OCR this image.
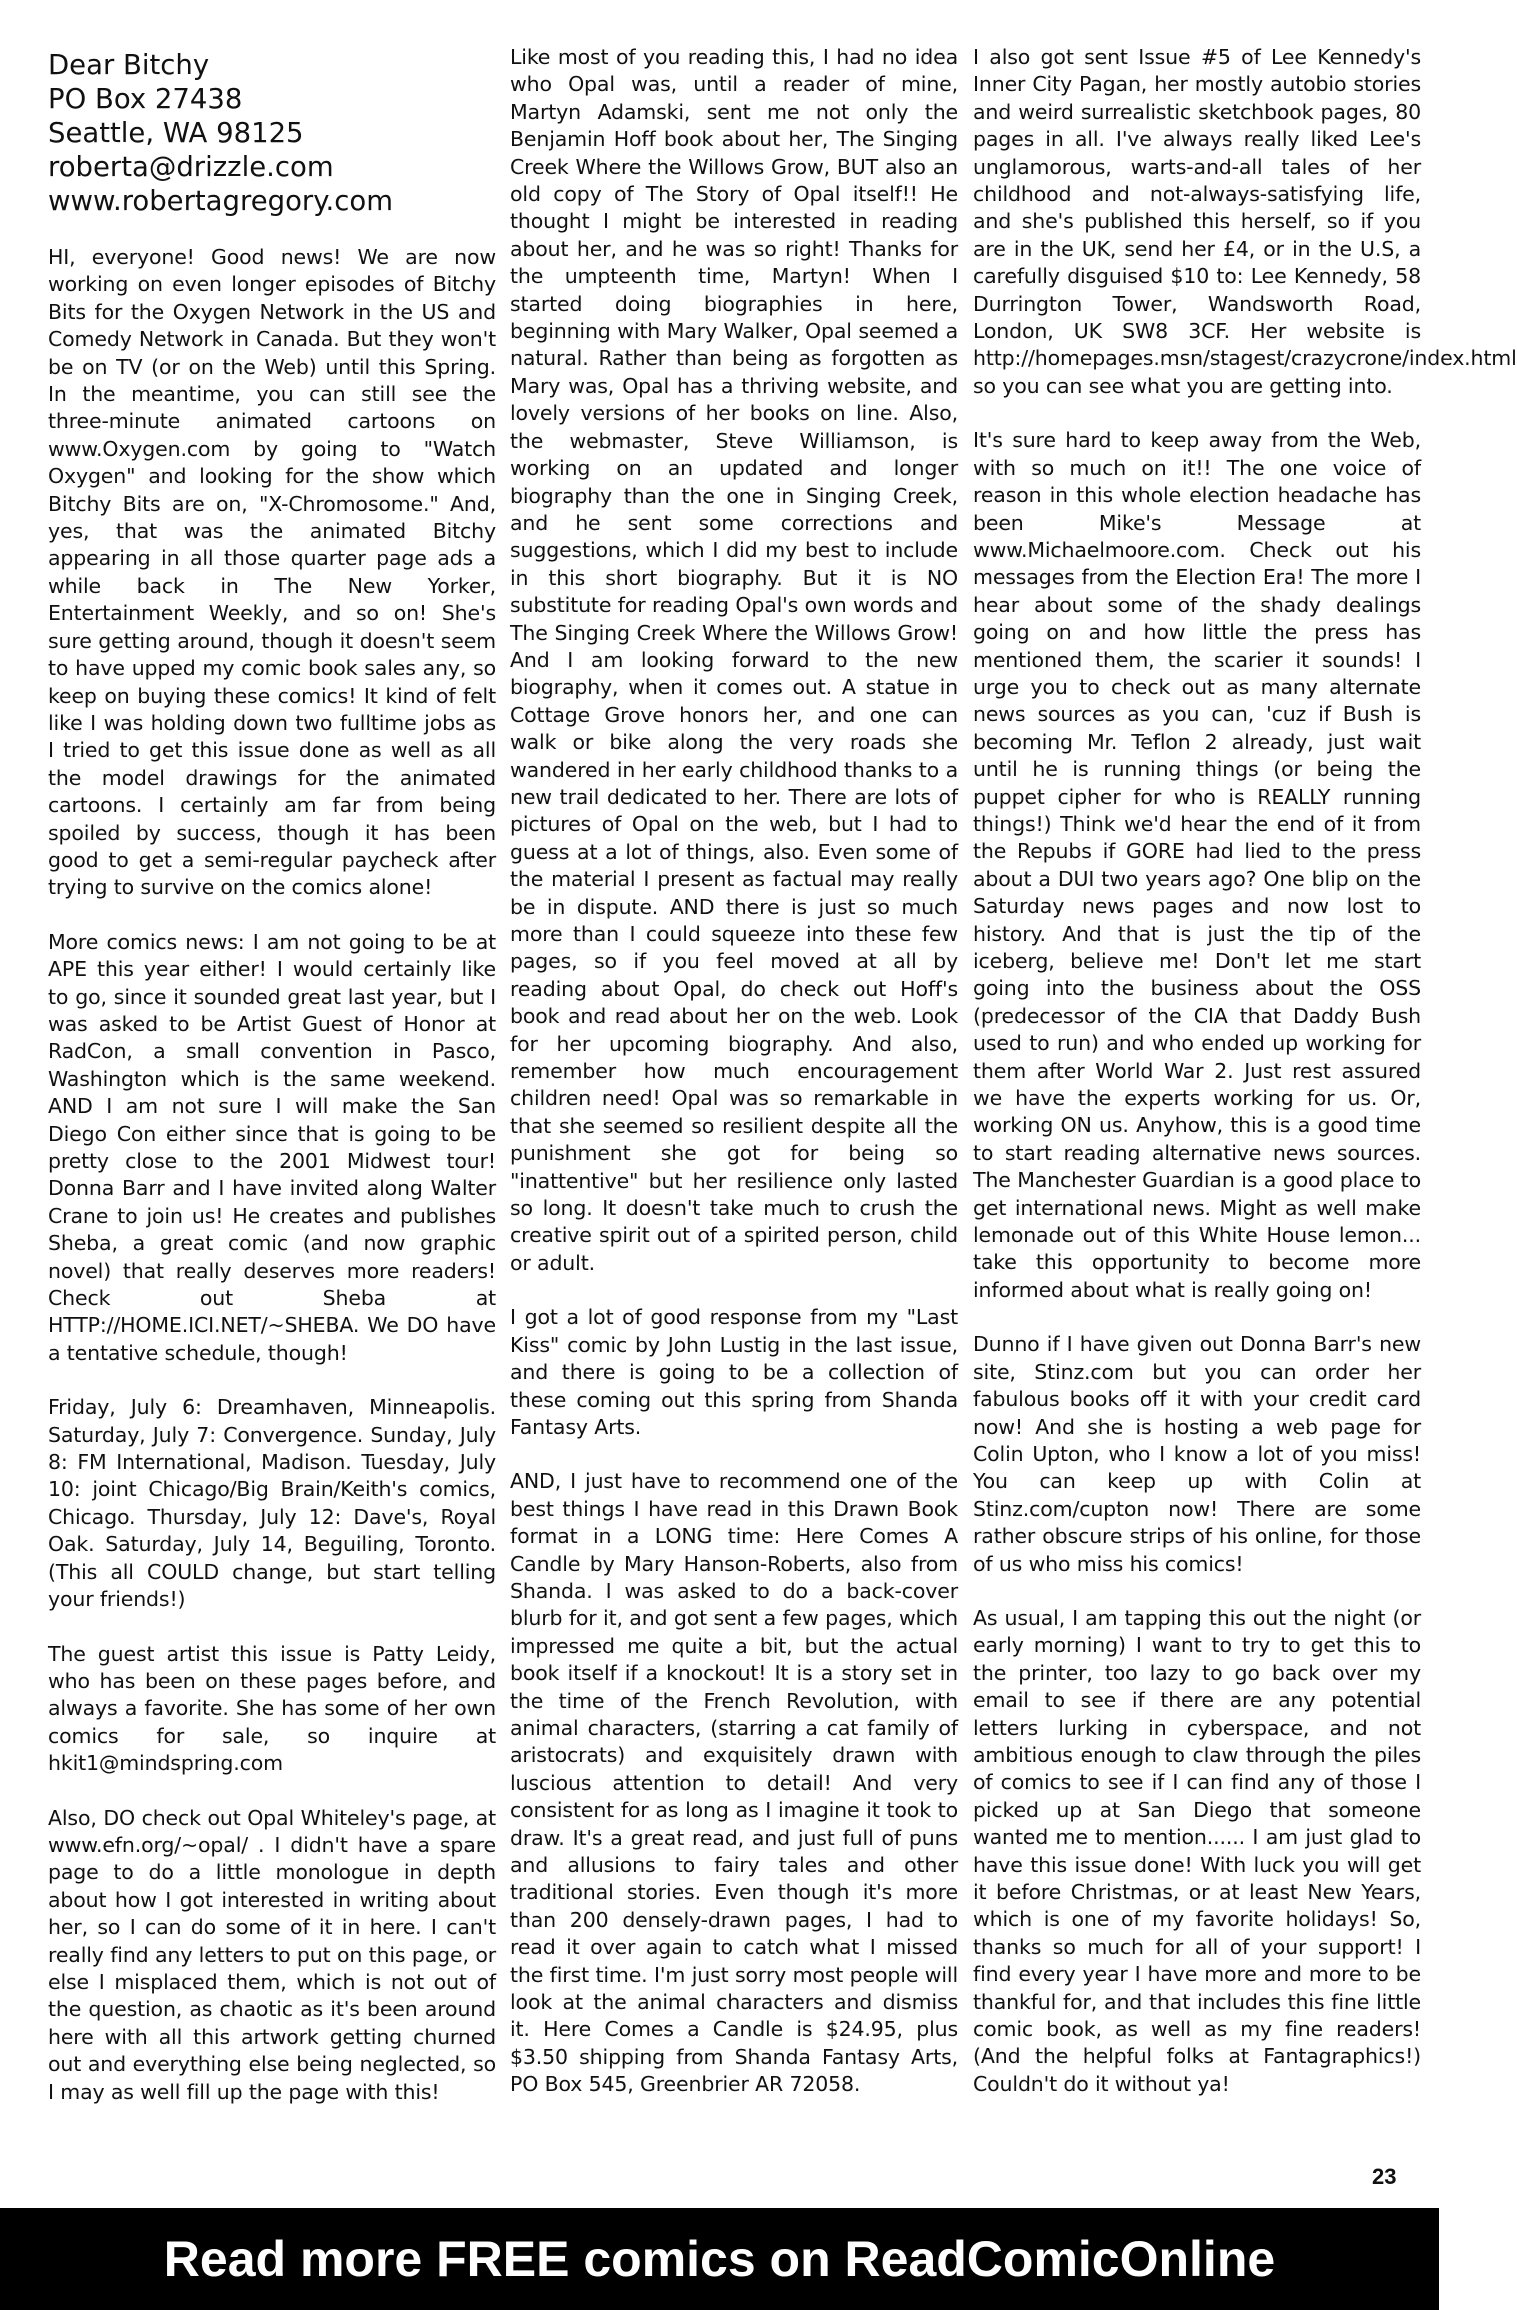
Dear Bitchy
PO Box 27438
Seattle, WA 98125
roberta@drizzle.com
www.robertagregory.com

HI, everyone! Good news! We are now working on even longer episodes of Bitchy Bits for the Oxygen Network in the US and Comedy Network in Canada. But they won't be on TV (or on the Web) until this Spring. In the meantime, you can still see the three-minute animated cartoons on www.Oxygen.com by going to "Watch Oxygen" and looking for the show which Bitchy Bits are on, "X-Chromosome." And, yes, that was the animated Bitchy appearing in all those quarter page ads a while back in The New Yorker, Entertainment Weekly, and so on! She's sure getting around, though it doesn't seem to have upped my comic book sales any, so keep on buying these comics! It kind of felt like I was holding down two fulltime jobs as I tried to get this issue done as well as all the model drawings for the animated cartoons. I certainly am far from being spoiled by success, though it has been good to get a semi-regular paycheck after trying to survive on the comics alone!

More comics news: I am not going to be at APE this year either! I would certainly like to go, since it sounded great last year, but I was asked to be Artist Guest of Honor at RadCon, a small convention in Pasco, Washington which is the same weekend. AND I am not sure I will make the San Diego Con either since that is going to be pretty close to the 2001 Midwest tour! Donna Barr and I have invited along Walter Crane to join us! He creates and publishes Sheba, a great comic (and now graphic novel) that really deserves more readers! Check out Sheba at HTTP://HOME.ICI.NET/~SHEBA. We DO have a tentative schedule, though!

Friday, July 6: Dreamhaven, Minneapolis. Saturday, July 7: Convergence. Sunday, July 8: FM International, Madison. Tuesday, July 10: joint Chicago/Big Brain/Keith's comics, Chicago. Thursday, July 12: Dave's, Royal Oak. Saturday, July 14, Beguiling, Toronto. (This all COULD change, but start telling your friends!)

The guest artist this issue is Patty Leidy, who has been on these pages before, and always a favorite. She has some of her own comics for sale, so inquire at hkit1@mindspring.com

Also, DO check out Opal Whiteley's page, at www.efn.org/~opal/ . I didn't have a spare page to do a little monologue in depth about how I got interested in writing about her, so I can do some of it in here. I can't really find any letters to put on this page, or else I misplaced them, which is not out of the question, as chaotic as it's been around here with all this artwork getting churned out and everything else being neglected, so I may as well fill up the page with this!

Like most of you reading this, I had no idea who Opal was, until a reader of mine, Martyn Adamski, sent me not only the Benjamin Hoff book about her, The Singing Creek Where the Willows Grow, BUT also an old copy of The Story of Opal itself!! He thought I might be interested in reading about her, and he was so right! Thanks for the umpteenth time, Martyn! When I started doing biographies in here, beginning with Mary Walker, Opal seemed a natural. Rather than being as forgotten as Mary was, Opal has a thriving website, and lovely versions of her books on line. Also, the webmaster, Steve Williamson, is working on an updated and longer biography than the one in Singing Creek, and he sent some corrections and suggestions, which I did my best to include in this short biography. But it is NO substitute for reading Opal's own words and The Singing Creek Where the Willows Grow! And I am looking forward to the new biography, when it comes out. A statue in Cottage Grove honors her, and one can walk or bike along the very roads she wandered in her early childhood thanks to a new trail dedicated to her. There are lots of pictures of Opal on the web, but I had to guess at a lot of things, also. Even some of the material I present as factual may really be in dispute. AND there is just so much more than I could squeeze into these few pages, so if you feel moved at all by reading about Opal, do check out Hoff's book and read about her on the web. Look for her upcoming biography. And also, remember how much encouragement children need! Opal was so remarkable in that she seemed so resilient despite all the punishment she got for being so "inattentive" but her resilience only lasted so long. It doesn't take much to crush the creative spirit out of a spirited person, child or adult.

I got a lot of good response from my "Last Kiss" comic by John Lustig in the last issue, and there is going to be a collection of these coming out this spring from Shanda Fantasy Arts.

AND, I just have to recommend one of the best things I have read in this Drawn Book format in a LONG time: Here Comes A Candle by Mary Hanson-Roberts, also from Shanda. I was asked to do a back-cover blurb for it, and got sent a few pages, which impressed me quite a bit, but the actual book itself if a knockout! It is a story set in the time of the French Revolution, with animal characters, (starring a cat family of aristocrats) and exquisitely drawn with luscious attention to detail! And very consistent for as long as I imagine it took to draw. It's a great read, and just full of puns and allusions to fairy tales and other traditional stories. Even though it's more than 200 densely-drawn pages, I had to read it over again to catch what I missed the first time. I'm just sorry most people will look at the animal characters and dismiss it. Here Comes a Candle is $24.95, plus $3.50 shipping from Shanda Fantasy Arts, PO Box 545, Greenbrier AR 72058.

I also got sent Issue #5 of Lee Kennedy's Inner City Pagan, her mostly autobio stories and weird surrealistic sketchbook pages, 80 pages in all. I've always really liked Lee's unglamorous, warts-and-all tales of her childhood and not-always-satisfying life, and she's published this herself, so if you are in the UK, send her £4, or in the U.S, a carefully disguised $10 to: Lee Kennedy, 58 Durrington Tower, Wandsworth Road, London, UK SW8 3CF. Her website is http://homepages.msn/stagest/crazycrone/index.html so you can see what you are getting into.

It's sure hard to keep away from the Web, with so much on it!! The one voice of reason in this whole election headache has been Mike's Message at www.Michaelmoore.com. Check out his messages from the Election Era! The more I hear about some of the shady dealings going on and how little the press has mentioned them, the scarier it sounds! I urge you to check out as many alternate news sources as you can, 'cuz if Bush is becoming Mr. Teflon 2 already, just wait until he is running things (or being the puppet cipher for who is REALLY running things!) Think we'd hear the end of it from the Repubs if GORE had lied to the press about a DUI two years ago? One blip on the Saturday news pages and now lost to history. And that is just the tip of the iceberg, believe me! Don't let me start going into the business about the OSS (predecessor of the CIA that Daddy Bush used to run) and who ended up working for them after World War 2. Just rest assured we have the experts working for us. Or, working ON us. Anyhow, this is a good time to start reading alternative news sources. The Manchester Guardian is a good place to get international news. Might as well make lemonade out of this White House lemon... take this opportunity to become more informed about what is really going on!

Dunno if I have given out Donna Barr's new site, Stinz.com but you can order her fabulous books off it with your credit card now! And she is hosting a web page for Colin Upton, who I know a lot of you miss! You can keep up with Colin at Stinz.com/cupton now! There are some rather obscure strips of his online, for those of us who miss his comics!

As usual, I am tapping this out the night (or early morning) I want to try to get this to the printer, too lazy to go back over my email to see if there are any potential letters lurking in cyberspace, and not ambitious enough to claw through the piles of comics to see if I can find any of those I picked up at San Diego that someone wanted me to mention...... I am just glad to have this issue done! With luck you will get it before Christmas, or at least New Years, which is one of my favorite holidays! So, thanks so much for all of your support! I find every year I have more and more to be thankful for, and that includes this fine little comic book, as well as my fine readers! (And the helpful folks at Fantagraphics!) Couldn't do it without ya!

23
Read more FREE comics on ReadComicOnline
